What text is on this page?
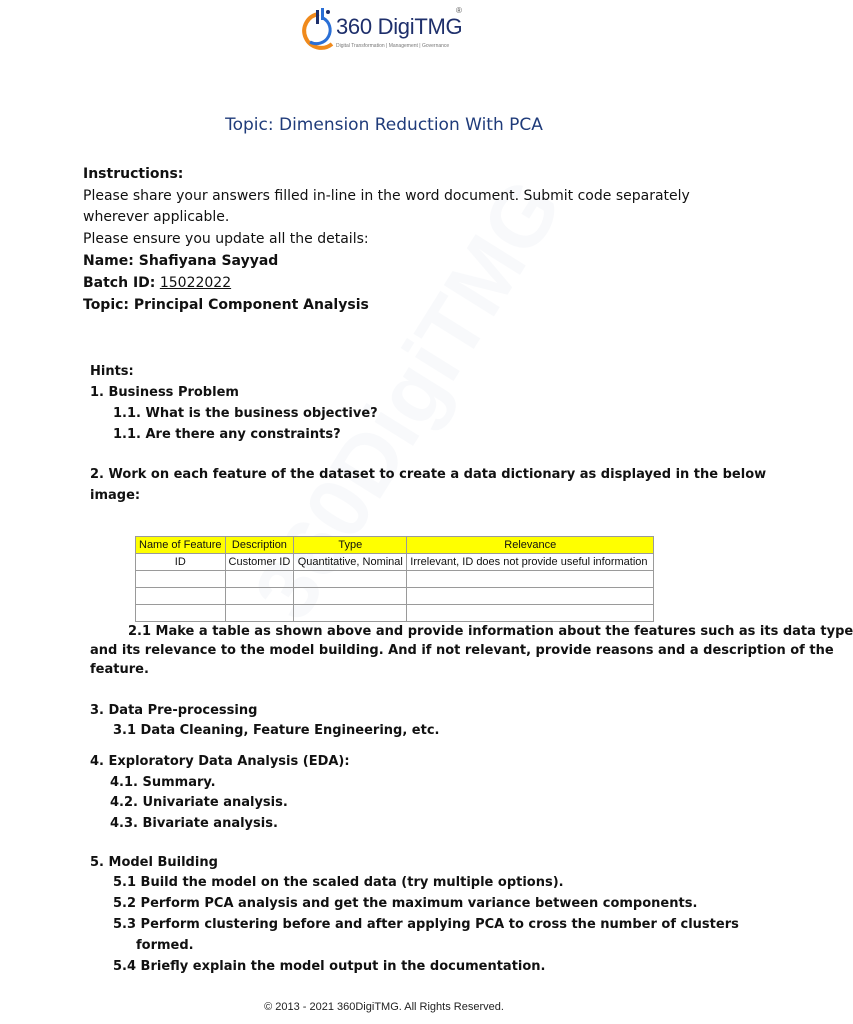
360 DigiTMG
®
Digital Transformation | Management | Governance
Topic: Dimension Reduction With PCA
Instructions:
Please share your answers filled in-line in the word document. Submit code separately
wherever applicable.
Please ensure you update all the details:
Name: Shafiyana Sayyad
Batch ID: 15022022
Topic: Principal Component Analysis
Hints:
1. Business Problem
1.1. What is the business objective?
1.1. Are there any constraints?
2. Work on each feature of the dataset to create a data dictionary as displayed in the below
image:
Name of Feature	Description	Type	Relevance
ID	Customer ID	Quantitative, Nominal	Irrelevant, ID does not provide useful information

2.1 Make a table as shown above and provide information about the features such as its data type
and its relevance to the model building. And if not relevant, provide reasons and a description of the
feature.
3. Data Pre-processing
3.1 Data Cleaning, Feature Engineering, etc.
4. Exploratory Data Analysis (EDA):
4.1. Summary.
4.2. Univariate analysis.
4.3. Bivariate analysis.
5. Model Building
5.1 Build the model on the scaled data (try multiple options).
5.2 Perform PCA analysis and get the maximum variance between components.
5.3 Perform clustering before and after applying PCA to cross the number of clusters
formed.
5.4 Briefly explain the model output in the documentation.
© 2013 - 2021 360DigiTMG. All Rights Reserved.
